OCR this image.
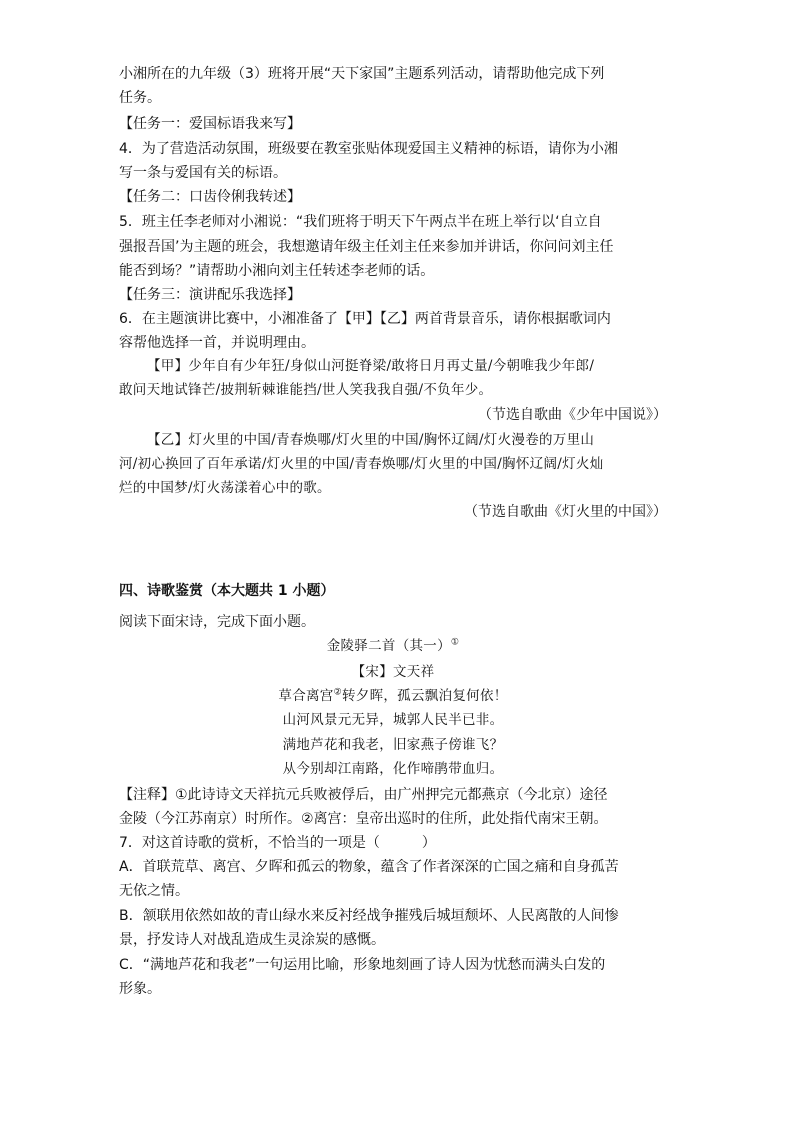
小湘所在的九年级（3）班将开展“天下家国”主题系列活动，请帮助他完成下列
任务。
【任务一：爱国标语我来写】
4．为了营造活动氛围，班级要在教室张贴体现爱国主义精神的标语，请你为小湘
写一条与爱国有关的标语。
【任务二：口齿伶俐我转述】
5．班主任李老师对小湘说：“我们班将于明天下午两点半在班上举行以‘自立自
强报吾国’为主题的班会，我想邀请年级主任刘主任来参加并讲话，你问问刘主任
能否到场？”请帮助小湘向刘主任转述李老师的话。
【任务三：演讲配乐我选择】
6．在主题演讲比赛中，小湘准备了【甲】【乙】两首背景音乐，请你根据歌词内
容帮他选择一首，并说明理由。
【甲】少年自有少年狂/身似山河挺脊梁/敢将日月再丈量/今朝唯我少年郎/
敢问天地试锋芒/披荆斩棘谁能挡/世人笑我我自强/不负年少。
（节选自歌曲《少年中国说》）
【乙】灯火里的中国/青春焕哪/灯火里的中国/胸怀辽阔/灯火漫卷的万里山
河/初心换回了百年承诺/灯火里的中国/青春焕哪/灯火里的中国/胸怀辽阔/灯火灿
烂的中国梦/灯火荡漾着心中的歌。
（节选自歌曲《灯火里的中国》）
四、诗歌鉴赏（本大题共 1 小题）
阅读下面宋诗，完成下面小题。
金陵驿二首（其一）①
【宋】文天祥
草合离宫②转夕晖，孤云飘泊复何依！
山河风景元无异，城郭人民半已非。
满地芦花和我老，旧家燕子傍谁飞？
从今别却江南路，化作啼鹃带血归。
【注释】①此诗诗文天祥抗元兵败被俘后，由广州押完元都燕京（今北京）途径
金陵（今江苏南京）时所作。②离宫：皇帝出巡时的住所，此处指代南宋王朝。
7．对这首诗歌的赏析，不恰当的一项是（　　　）
A．首联荒草、离宫、夕晖和孤云的物象，蕴含了作者深深的亡国之痛和自身孤苦
无依之情。
B．颔联用依然如故的青山绿水来反衬经战争摧残后城垣颓坏、人民离散的人间惨
景，抒发诗人对战乱造成生灵涂炭的感慨。
C．“满地芦花和我老”一句运用比喻，形象地刻画了诗人因为忧愁而满头白发的
形象。
